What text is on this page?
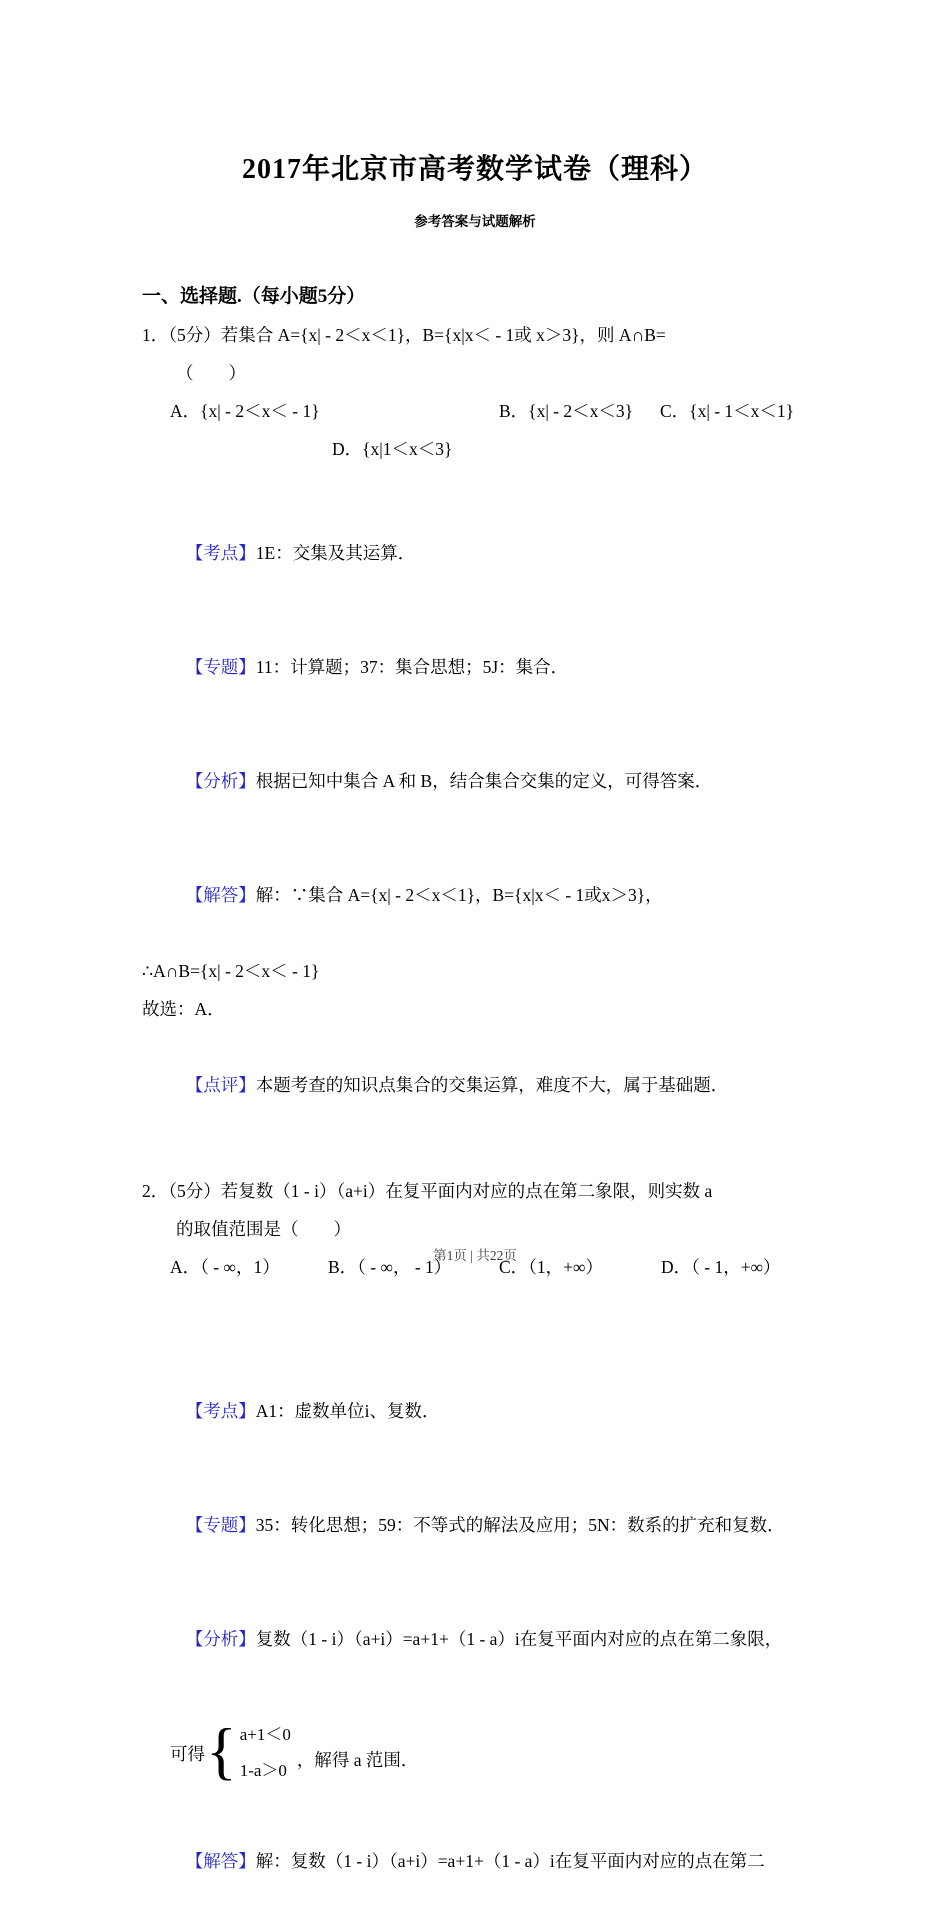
2017年北京市高考数学试卷（理科）
参考答案与试题解析
一、选择题.（每小题5分）
1．（5分）若集合 A={x| - 2＜x＜1}，B={x|x＜ - 1或 x＞3}，则 A∩B=
（　　）
A．{x| - 2＜x＜ - 1}	B．{x| - 2＜x＜3} C．{x| - 1＜x＜1}
D．{x|1＜x＜3}

【考点】1E：交集及其运算．

【专题】11：计算题；37：集合思想；5J：集合．

【分析】根据已知中集合 A 和 B，结合集合交集的定义，可得答案．

【解答】解：∵集合 A={x| - 2＜x＜1}，B={x|x＜ - 1或x＞3}，

∴A∩B={x| - 2＜x＜ - 1}
故选：A．

【点评】本题考查的知识点集合的交集运算，难度不大，属于基础题．

2．（5分）若复数（1 - i）（a+i）在复平面内对应的点在第二象限，则实数 a
的取值范围是（　　）
A．（ - ∞，1）	B．（ - ∞， - 1）	C．（1，+∞）	D．（ - 1，+∞）

【考点】A1：虚数单位i、复数．

【专题】35：转化思想；59：不等式的解法及应用；5N：数系的扩充和复数．

【分析】复数（1 - i）（a+i）=a+1+（1 - a）i在复平面内对应的点在第二象限，

可得 { a+1＜0
1-a＞0
，解得 a 范围．

【解答】解：复数（1 - i）（a+i）=a+1+（1 - a）i在复平面内对应的点在第二

第1页 | 共22页
